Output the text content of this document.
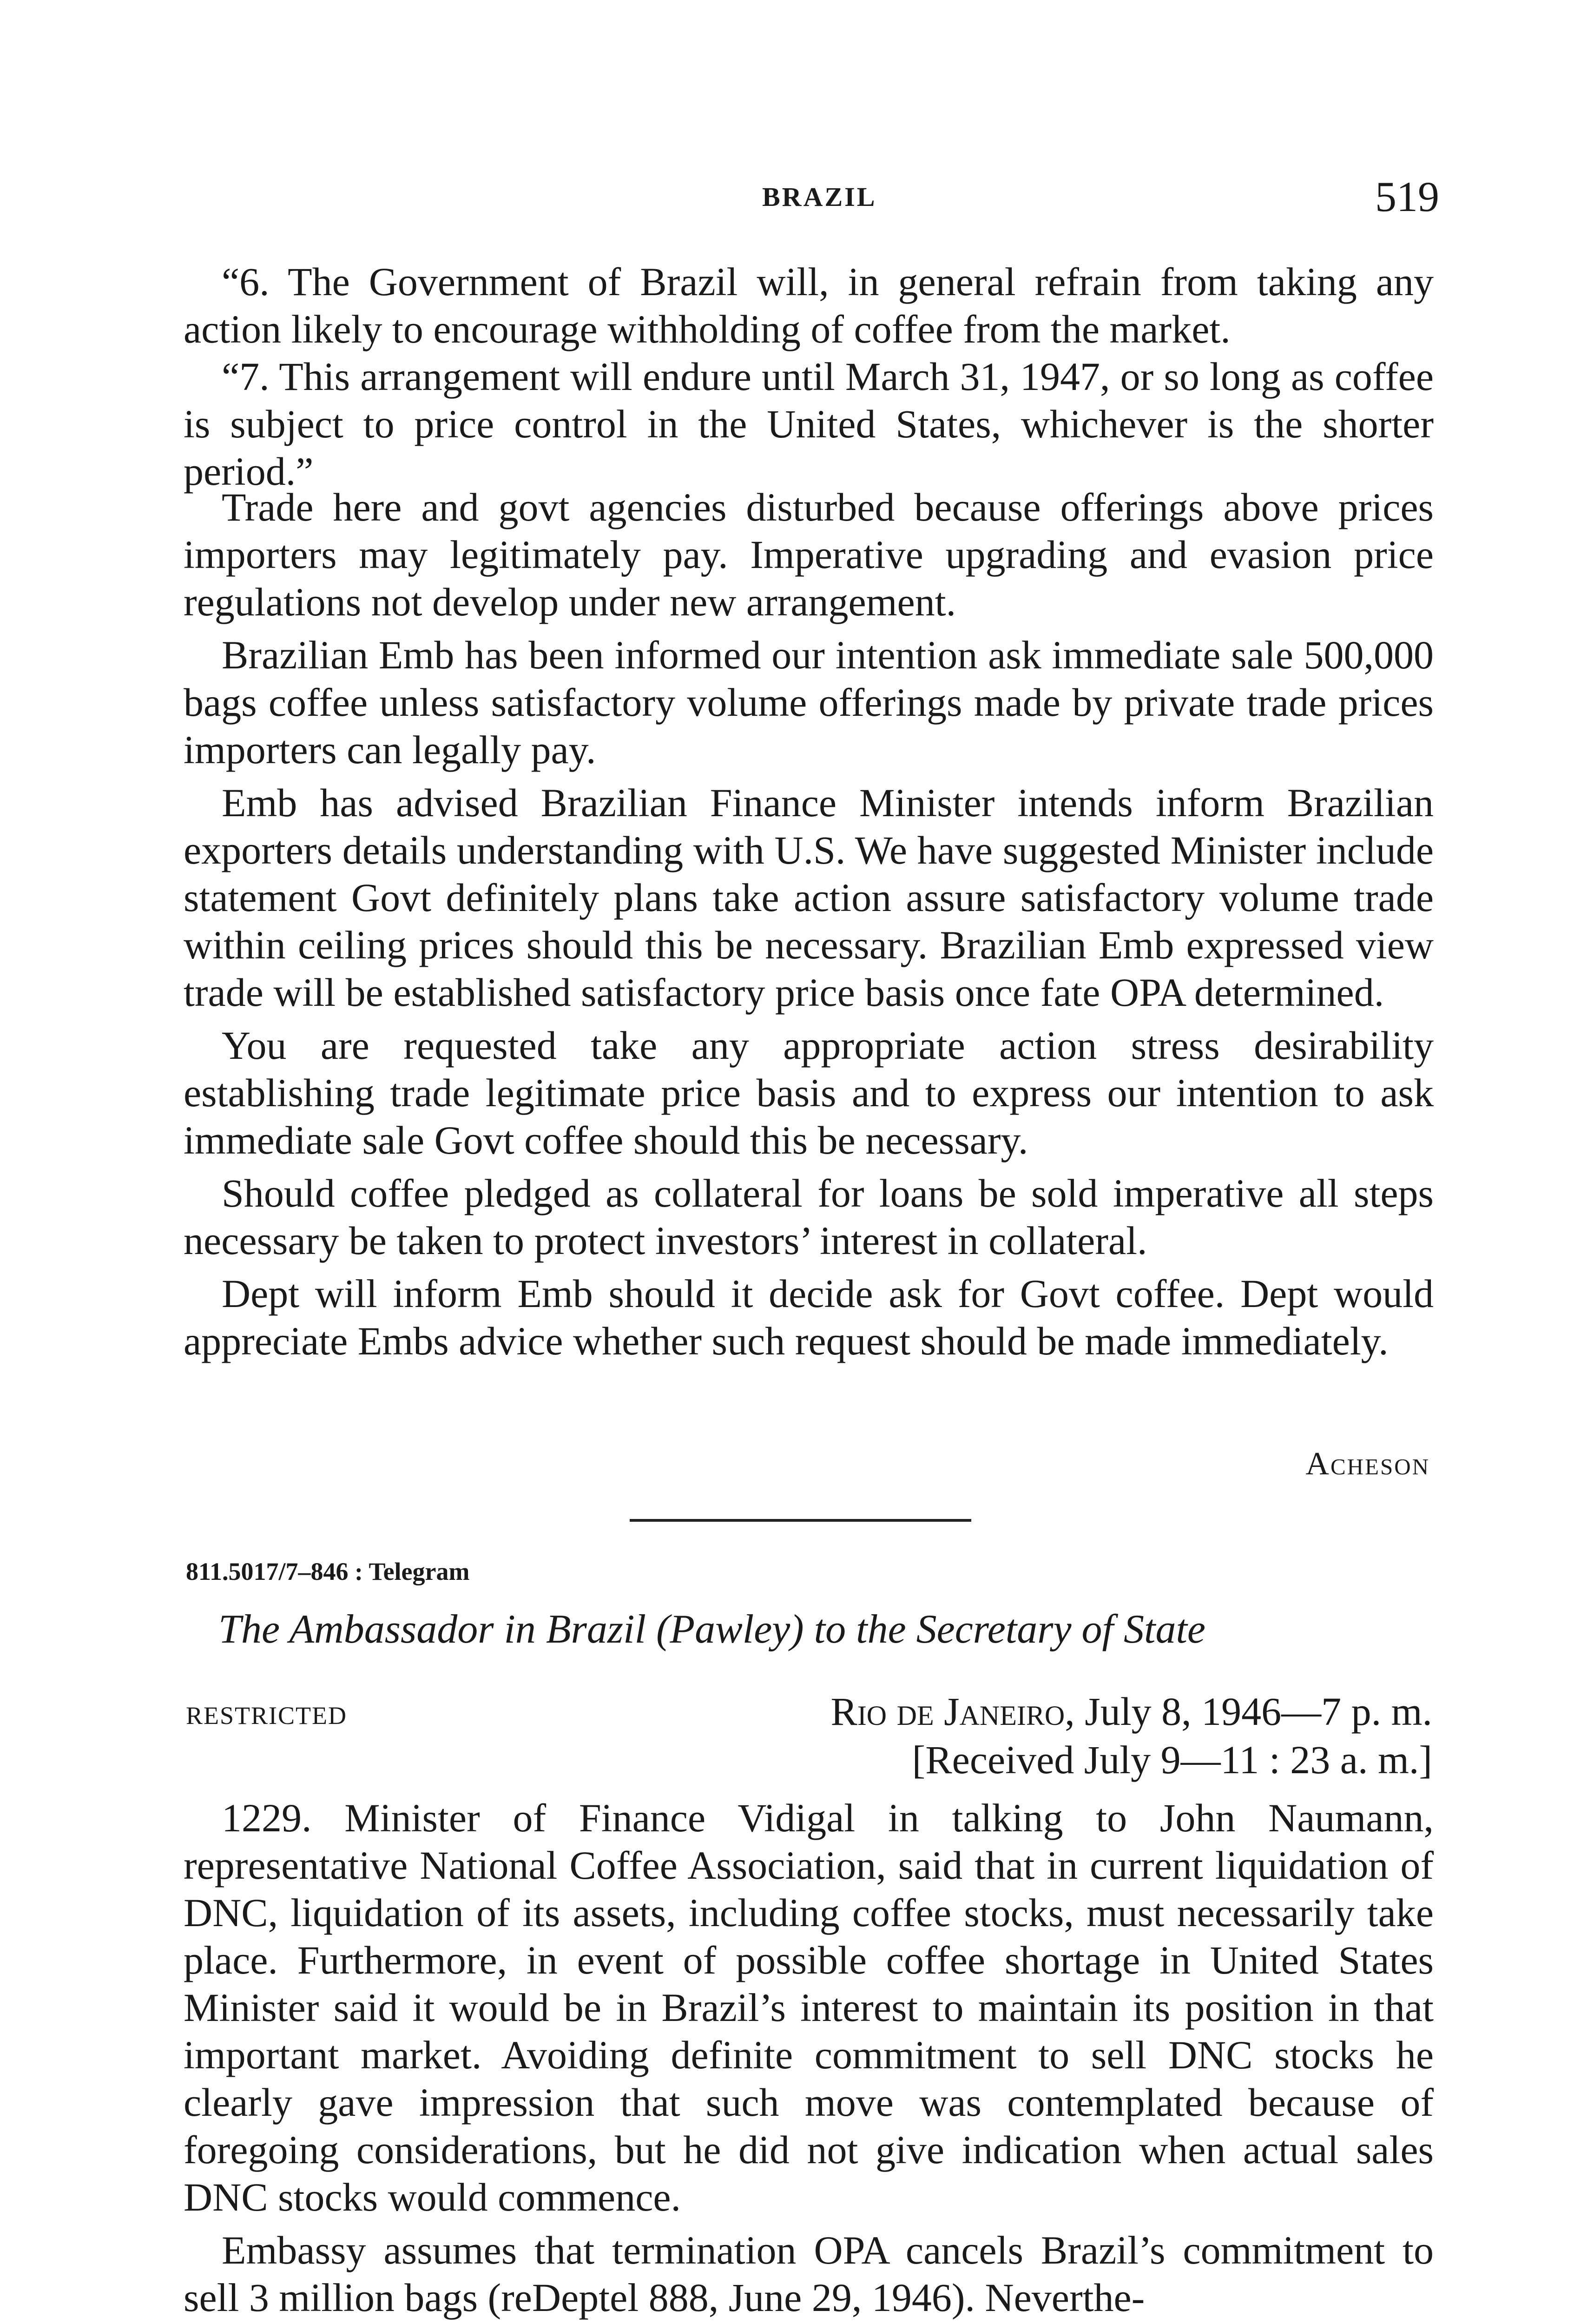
BRAZIL	519

“6. The Government of Brazil will, in general refrain from taking any action likely to encourage withholding of coffee from the market.

“7. This arrangement will endure until March 31, 1947, or so long as coffee is subject to price control in the United States, whichever is the shorter period.”

Trade here and govt agencies disturbed because offerings above prices importers may legitimately pay. Imperative upgrading and evasion price regulations not develop under new arrangement.

Brazilian Emb has been informed our intention ask immediate sale 500,000 bags coffee unless satisfactory volume offerings made by private trade prices importers can legally pay.

Emb has advised Brazilian Finance Minister intends inform Brazilian exporters details understanding with U.S. We have suggested Minister include statement Govt definitely plans take action assure satisfactory volume trade within ceiling prices should this be necessary. Brazilian Emb expressed view trade will be established satisfactory price basis once fate OPA determined.

You are requested take any appropriate action stress desirability establishing trade legitimate price basis and to express our intention to ask immediate sale Govt coffee should this be necessary.

Should coffee pledged as collateral for loans be sold imperative all steps necessary be taken to protect investors’ interest in collateral.

Dept will inform Emb should it decide ask for Govt coffee. Dept would appreciate Embs advice whether such request should be made immediately.

Acheson
811.5017/7–846 : Telegram
The Ambassador in Brazil (Pawley) to the Secretary of State
RESTRICTED	Rio de Janeiro, July 8, 1946—7 p. m.
[Received July 9—11 : 23 a. m.]

1229. Minister of Finance Vidigal in talking to John Naumann, representative National Coffee Association, said that in current liquidation of DNC, liquidation of its assets, including coffee stocks, must necessarily take place. Furthermore, in event of possible coffee shortage in United States Minister said it would be in Brazil’s interest to maintain its position in that important market. Avoiding definite commitment to sell DNC stocks he clearly gave impression that such move was contemplated because of foregoing considerations, but he did not give indication when actual sales DNC stocks would commence.

Embassy assumes that termination OPA cancels Brazil’s commitment to sell 3 million bags (reDeptel 888, June 29, 1946). Neverthe-
